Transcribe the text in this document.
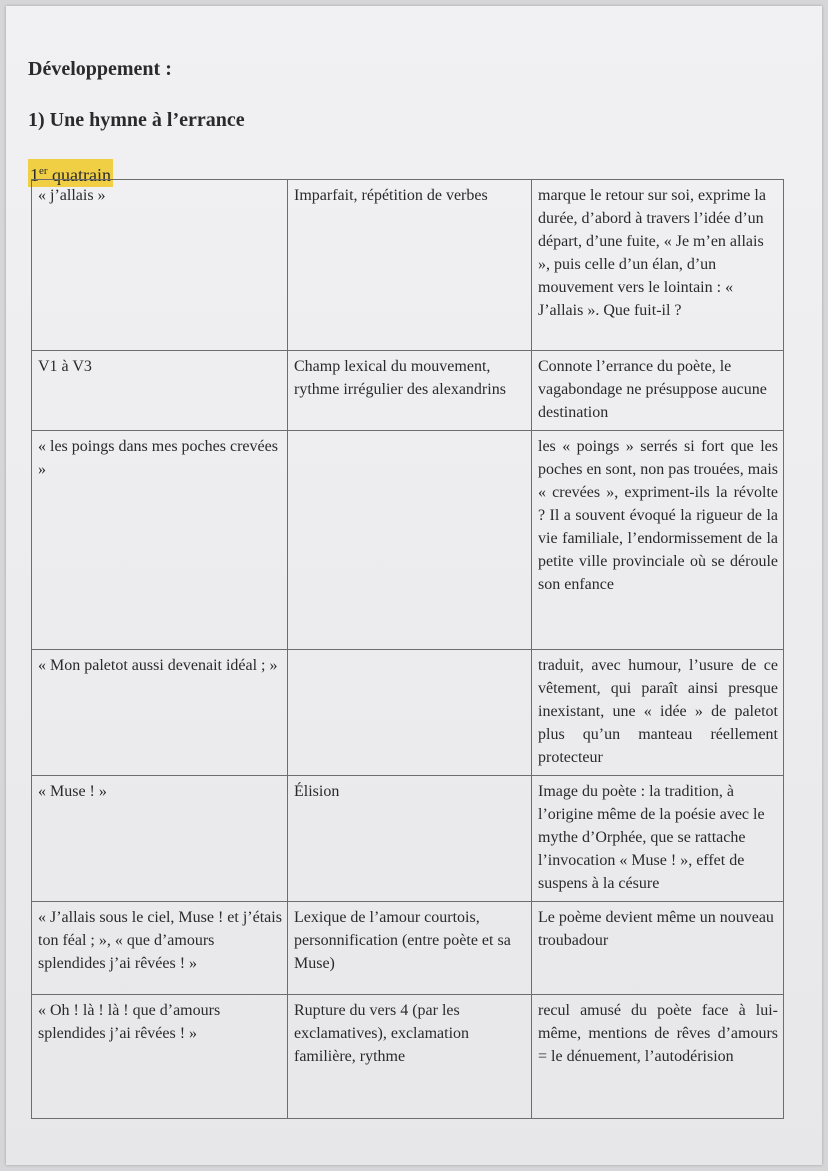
Développement :
1) Une hymne à l’errance
1er quatrain
« j’allais »	Imparfait, répétition de verbes	marque le retour sur soi, exprime la durée, d’abord à travers l’idée d’un départ, d’une fuite, « Je m’en allais », puis celle d’un élan, d’un mouvement vers le lointain : « J’allais ». Que fuit-il ?
V1 à V3	Champ lexical du mouvement, rythme irrégulier des alexandrins	Connote l’errance du poète, le vagabondage ne présuppose aucune destination
« les poings dans mes poches crevées »		les « poings » serrés si fort que les poches en sont, non pas trouées, mais « crevées », expriment-ils la révolte ? Il a souvent évoqué la rigueur de la vie familiale, l’endormissement de la petite ville provinciale où se déroule son enfance
« Mon paletot aussi devenait idéal ; »		traduit, avec humour, l’usure de ce vêtement, qui paraît ainsi presque inexistant, une « idée » de paletot plus qu’un manteau réellement protecteur
« Muse ! »	Élision	Image du poète : la tradition, à l’origine même de la poésie avec le mythe d’Orphée, que se rattache l’invocation « Muse ! », effet de suspens à la césure
« J’allais sous le ciel, Muse ! et j’étais ton féal ; », « que d’amours splendides j’ai rêvées ! »	Lexique de l’amour courtois, personnification (entre poète et sa Muse)	Le poème devient même un nouveau troubadour
« Oh ! là ! là ! que d’amours splendides j’ai rêvées ! »	Rupture du vers 4 (par les exclamatives), exclamation familière, rythme	recul amusé du poète face à lui-même, mentions de rêves d’amours = le dénuement, l’autodérision
